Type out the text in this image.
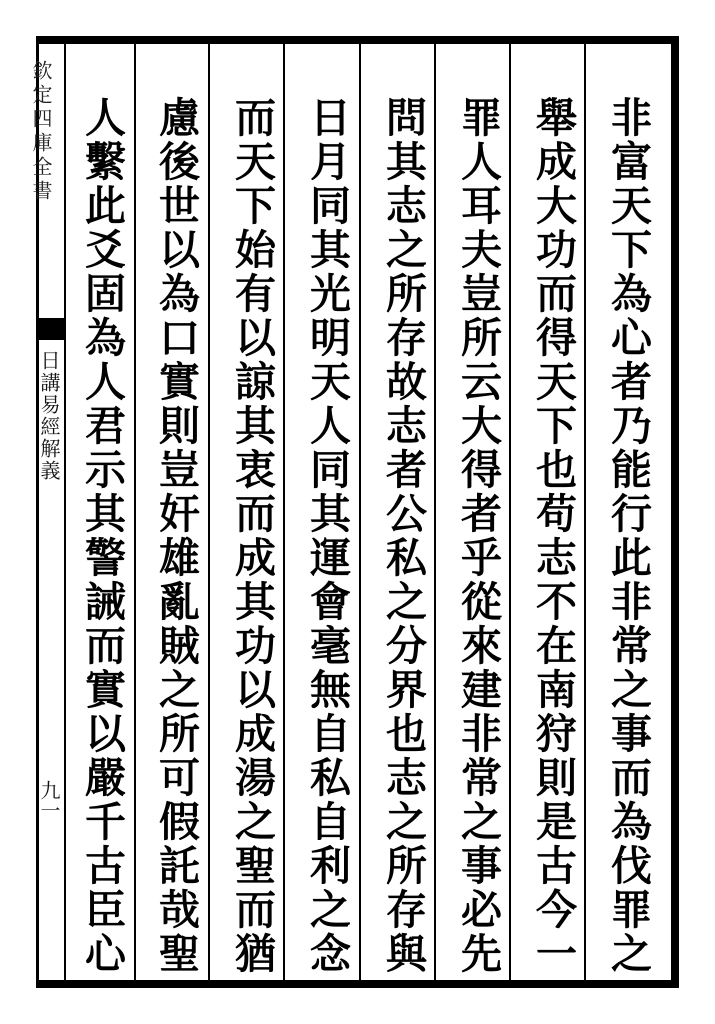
欽定四庫全書
日講易經解義
九一	非富天下為心者乃能行此非常之事而為伐罪之
舉成大功而得天下也苟志不在南狩則是古今一
罪人耳夫豈所云大得者乎從來建非常之事必先
問其志之所存故志者公私之分界也志之所存與
日月同其光明天人同其運會毫無自私自利之念
而天下始有以諒其衷而成其功以成湯之聖而猶
慮後世以為口實則豈奸雄亂賊之所可假託哉聖
人繫此爻固為人君示其警誡而實以嚴千古臣心
